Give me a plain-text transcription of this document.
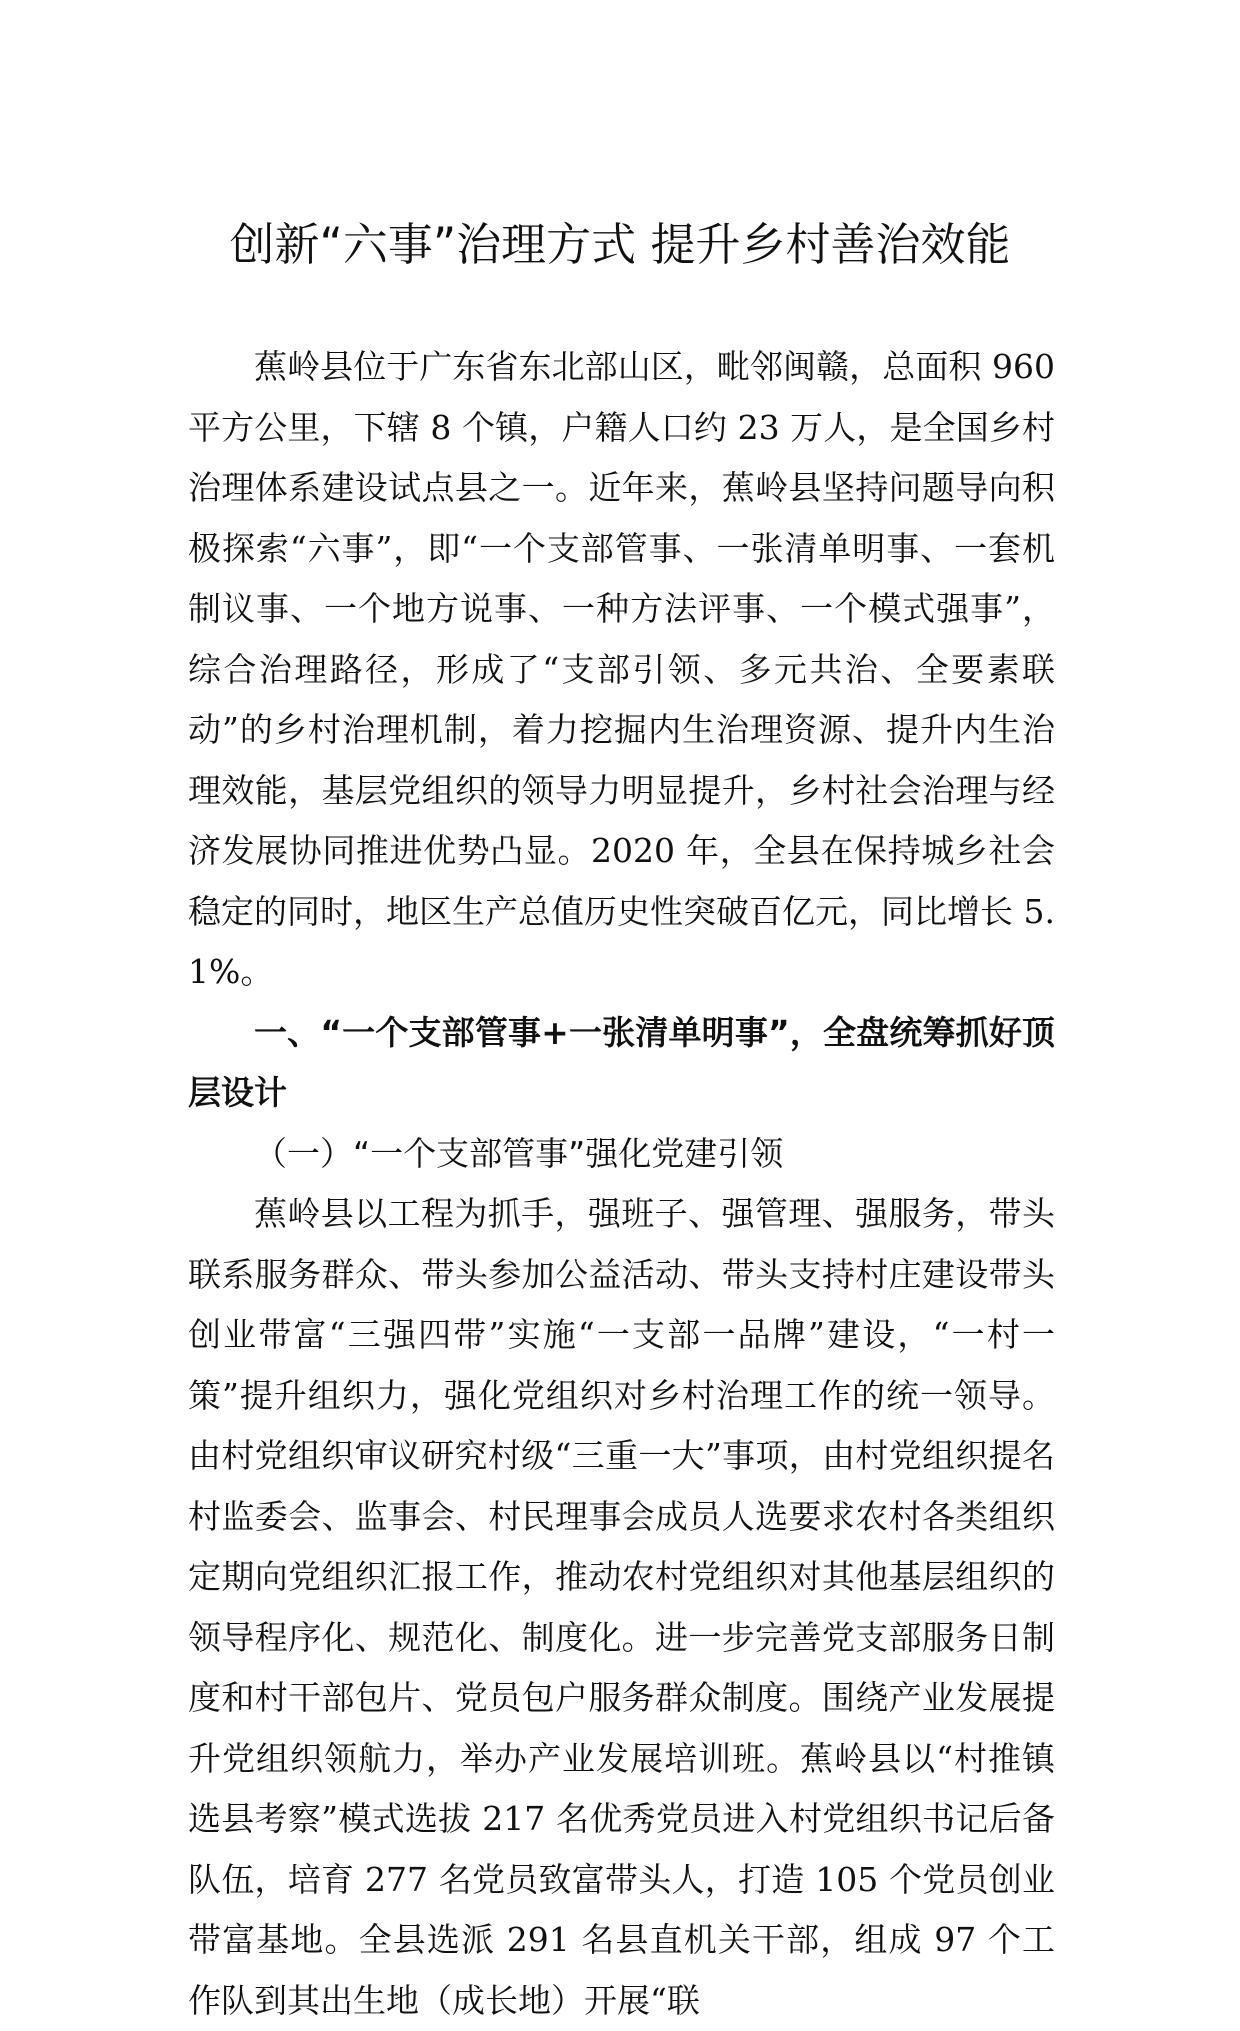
创新“六事”治理方式 提升乡村善治效能

蕉岭县位于广东省东北部山区，毗邻闽赣，总面积 960 平方公里，下辖 8 个镇，户籍人口约 23 万人，是全国乡村治理体系建设试点县之一。近年来，蕉岭县坚持问题导向积极探索“六事”，即“一个支部管事、一张清单明事、一套机制议事、一个地方说事、一种方法评事、一个模式强事”，综合治理路径，形成了“支部引领、多元共治、全要素联动”的乡村治理机制，着力挖掘内生治理资源、提升内生治理效能，基层党组织的领导力明显提升，乡村社会治理与经济发展协同推进优势凸显。2020 年，全县在保持城乡社会稳定的同时，地区生产总值历史性突破百亿元，同比增长 5.1%。

一、“一个支部管事+一张清单明事”，全盘统筹抓好顶层设计

（一）“一个支部管事”强化党建引领

蕉岭县以工程为抓手，强班子、强管理、强服务，带头联系服务群众、带头参加公益活动、带头支持村庄建设带头创业带富“三强四带”实施“一支部一品牌”建设，“一村一策”提升组织力，强化党组织对乡村治理工作的统一领导。由村党组织审议研究村级“三重一大”事项，由村党组织提名村监委会、监事会、村民理事会成员人选要求农村各类组织定期向党组织汇报工作，推动农村党组织对其他基层组织的领导程序化、规范化、制度化。进一步完善党支部服务日制度和村干部包片、党员包户服务群众制度。围绕产业发展提升党组织领航力，举办产业发展培训班。蕉岭县以“村推镇选县考察”模式选拔 217 名优秀党员进入村党组织书记后备队伍，培育 277 名党员致富带头人，打造 105 个党员创业带富基地。全县选派 291 名县直机关干部，组成 97 个工作队到其出生地（成长地）开展“联
